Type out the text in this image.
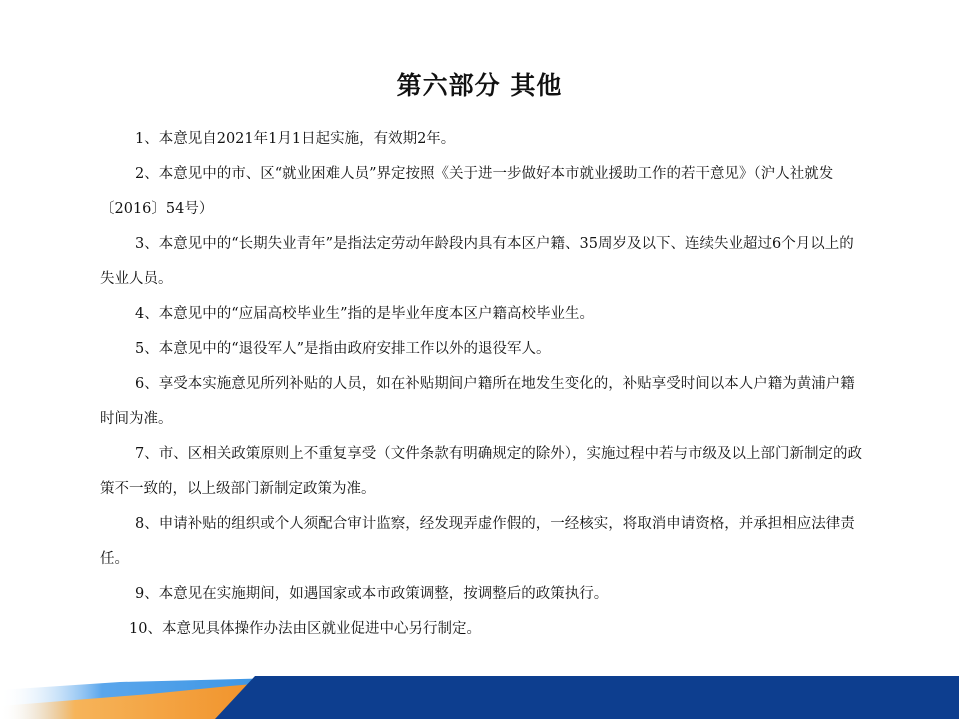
第六部分 其他

1、本意见自2021年1月1日起实施，有效期2年。

2、本意见中的市、区“就业困难人员”界定按照《关于进一步做好本市就业援助工作的若干意见》（沪人社就发〔2016〕54号）

3、本意见中的“长期失业青年”是指法定劳动年龄段内具有本区户籍、35周岁及以下、连续失业超过6个月以上的失业人员。

4、本意见中的“应届高校毕业生”指的是毕业年度本区户籍高校毕业生。

5、本意见中的“退役军人”是指由政府安排工作以外的退役军人。

6、享受本实施意见所列补贴的人员，如在补贴期间户籍所在地发生变化的，补贴享受时间以本人户籍为黄浦户籍时间为准。

7、市、区相关政策原则上不重复享受（文件条款有明确规定的除外），实施过程中若与市级及以上部门新制定的政策不一致的，以上级部门新制定政策为准。

8、申请补贴的组织或个人须配合审计监察，经发现弄虚作假的，一经核实，将取消申请资格，并承担相应法律责任。

9、本意见在实施期间，如遇国家或本市政策调整，按调整后的政策执行。

10、本意见具体操作办法由区就业促进中心另行制定。
